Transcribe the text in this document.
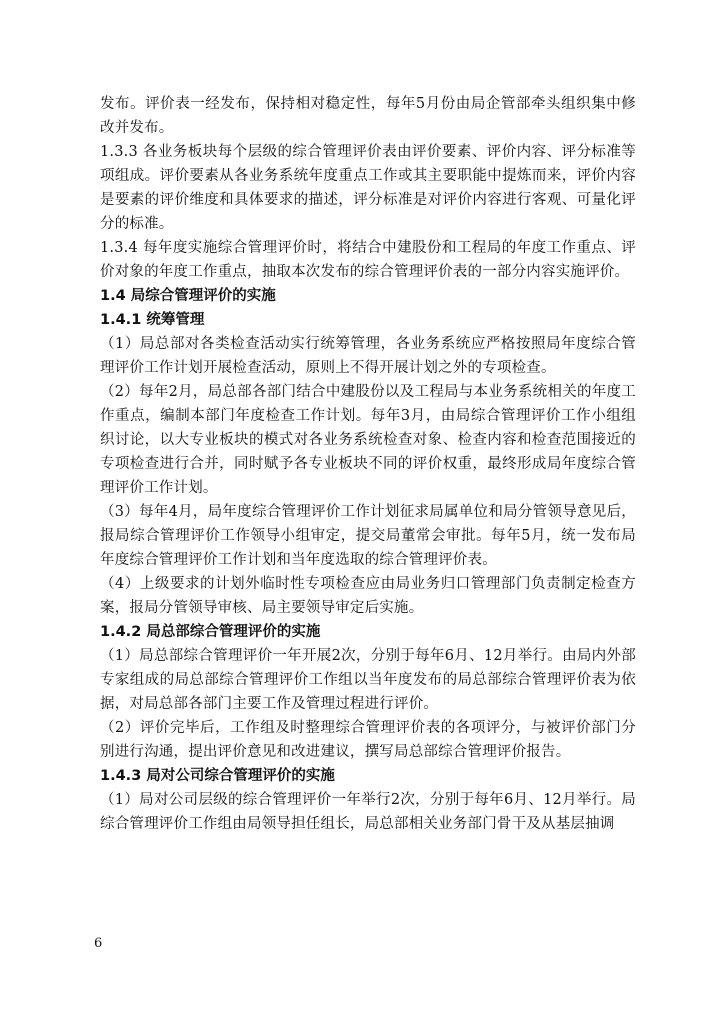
发布。评价表一经发布，保持相对稳定性，每年5月份由局企管部牵头组织集中修改并发布。

1.3.3 各业务板块每个层级的综合管理评价表由评价要素、评价内容、评分标准等项组成。评价要素从各业务系统年度重点工作或其主要职能中提炼而来，评价内容是要素的评价维度和具体要求的描述，评分标准是对评价内容进行客观、可量化评分的标准。

1.3.4 每年度实施综合管理评价时，将结合中建股份和工程局的年度工作重点、评价对象的年度工作重点，抽取本次发布的综合管理评价表的一部分内容实施评价。

1.4 局综合管理评价的实施

1.4.1 统筹管理

（1）局总部对各类检查活动实行统筹管理，各业务系统应严格按照局年度综合管理评价工作计划开展检查活动，原则上不得开展计划之外的专项检查。

（2）每年2月，局总部各部门结合中建股份以及工程局与本业务系统相关的年度工作重点，编制本部门年度检查工作计划。每年3月，由局综合管理评价工作小组组织讨论，以大专业板块的模式对各业务系统检查对象、检查内容和检查范围接近的专项检查进行合并，同时赋予各专业板块不同的评价权重，最终形成局年度综合管理评价工作计划。

（3）每年4月，局年度综合管理评价工作计划征求局属单位和局分管领导意见后，报局综合管理评价工作领导小组审定，提交局董常会审批。每年5月，统一发布局年度综合管理评价工作计划和当年度选取的综合管理评价表。

（4）上级要求的计划外临时性专项检查应由局业务归口管理部门负责制定检查方案，报局分管领导审核、局主要领导审定后实施。

1.4.2 局总部综合管理评价的实施

（1）局总部综合管理评价一年开展2次，分别于每年6月、12月举行。由局内外部专家组成的局总部综合管理评价工作组以当年度发布的局总部综合管理评价表为依据，对局总部各部门主要工作及管理过程进行评价。

（2）评价完毕后，工作组及时整理综合管理评价表的各项评分，与被评价部门分别进行沟通，提出评价意见和改进建议，撰写局总部综合管理评价报告。

1.4.3 局对公司综合管理评价的实施

（1）局对公司层级的综合管理评价一年举行2次，分别于每年6月、12月举行。局综合管理评价工作组由局领导担任组长，局总部相关业务部门骨干及从基层抽调

6
